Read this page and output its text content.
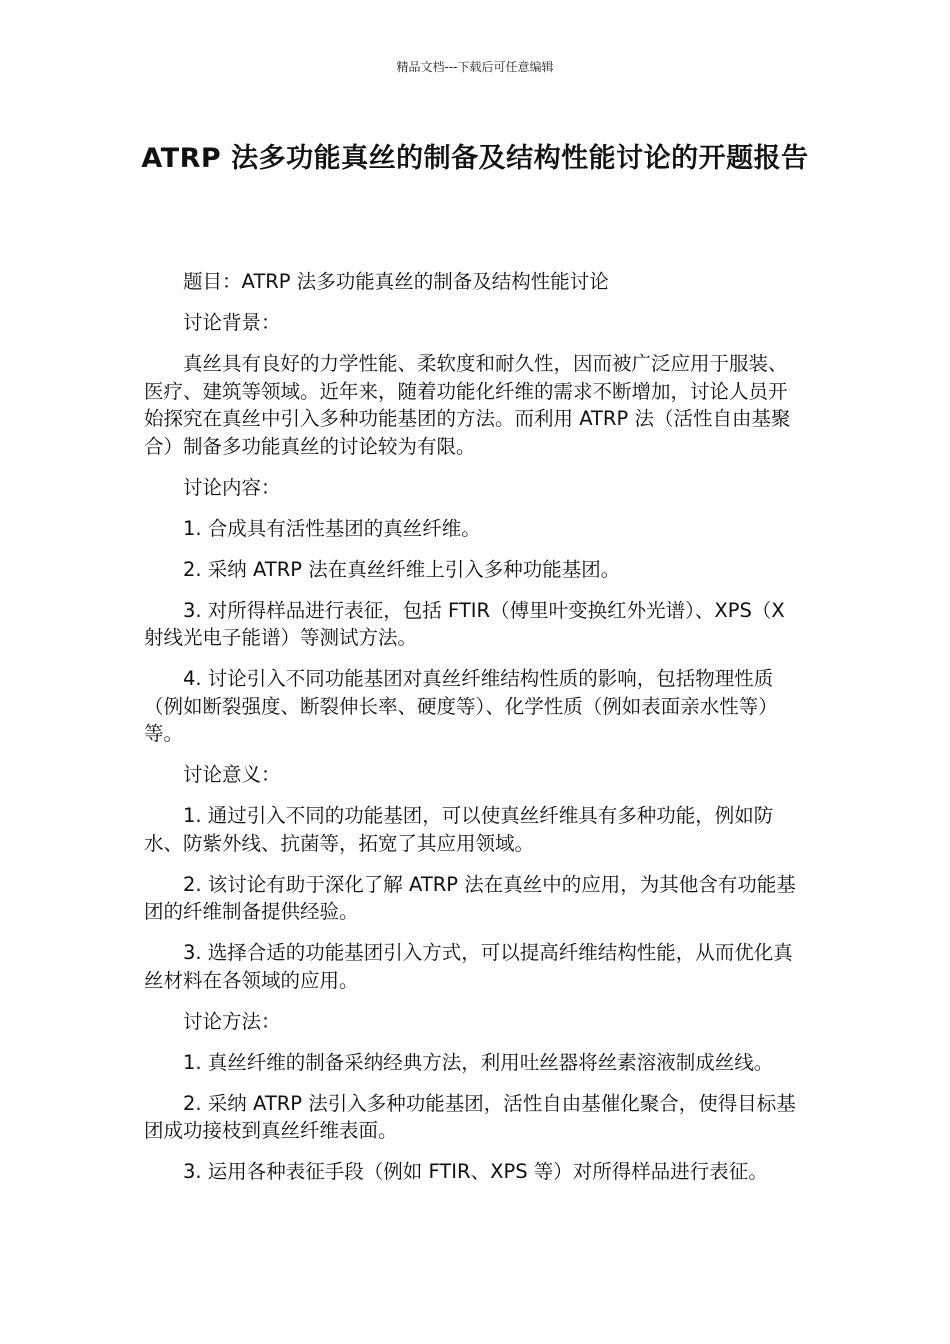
精品文档---下载后可任意编辑
ATRP 法多功能真丝的制备及结构性能讨论的开题报告

题目：ATRP 法多功能真丝的制备及结构性能讨论

讨论背景：

真丝具有良好的力学性能、柔软度和耐久性，因而被广泛应用于服装、医疗、建筑等领域。近年来，随着功能化纤维的需求不断增加，讨论人员开始探究在真丝中引入多种功能基团的方法。而利用 ATRP 法（活性自由基聚合）制备多功能真丝的讨论较为有限。

讨论内容：

1. 合成具有活性基团的真丝纤维。

2. 采纳 ATRP 法在真丝纤维上引入多种功能基团。

3. 对所得样品进行表征，包括 FTIR（傅里叶变换红外光谱）、XPS（X 射线光电子能谱）等测试方法。

4. 讨论引入不同功能基团对真丝纤维结构性质的影响，包括物理性质（例如断裂强度、断裂伸长率、硬度等）、化学性质（例如表面亲水性等）等。

讨论意义：

1. 通过引入不同的功能基团，可以使真丝纤维具有多种功能，例如防水、防紫外线、抗菌等，拓宽了其应用领域。

2. 该讨论有助于深化了解 ATRP 法在真丝中的应用，为其他含有功能基团的纤维制备提供经验。

3. 选择合适的功能基团引入方式，可以提高纤维结构性能，从而优化真丝材料在各领域的应用。

讨论方法：

1. 真丝纤维的制备采纳经典方法，利用吐丝器将丝素溶液制成丝线。

2. 采纳 ATRP 法引入多种功能基团，活性自由基催化聚合，使得目标基团成功接枝到真丝纤维表面。

3. 运用各种表征手段（例如 FTIR、XPS 等）对所得样品进行表征。
